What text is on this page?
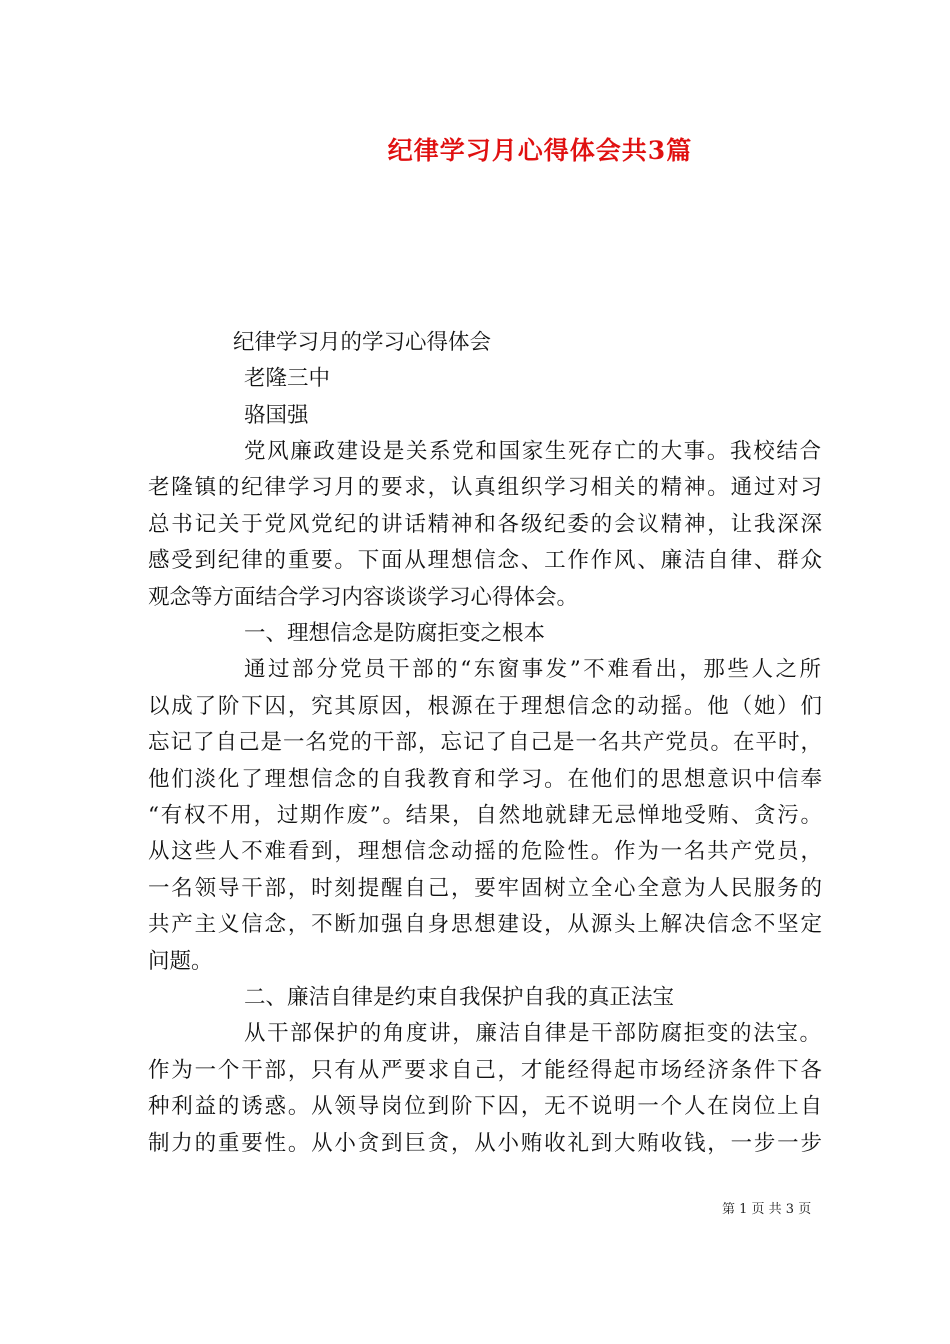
纪律学习月心得体会共3篇
纪律学习月的学习心得体会
老隆三中
骆国强
党风廉政建设是关系党和国家生死存亡的大事。我校结合
老隆镇的纪律学习月的要求，认真组织学习相关的精神。通过对习
总书记关于党风党纪的讲话精神和各级纪委的会议精神，让我深深
感受到纪律的重要。下面从理想信念、工作作风、廉洁自律、群众
观念等方面结合学习内容谈谈学习心得体会。
一、理想信念是防腐拒变之根本
通过部分党员干部的“东窗事发”不难看出，那些人之所
以成了阶下囚，究其原因，根源在于理想信念的动摇。他（她）们
忘记了自己是一名党的干部，忘记了自己是一名共产党员。在平时，
他们淡化了理想信念的自我教育和学习。在他们的思想意识中信奉
“有权不用，过期作废”。结果，自然地就肆无忌惮地受贿、贪污。
从这些人不难看到，理想信念动摇的危险性。作为一名共产党员，
一名领导干部，时刻提醒自己，要牢固树立全心全意为人民服务的
共产主义信念，不断加强自身思想建设，从源头上解决信念不坚定
问题。
二、廉洁自律是约束自我保护自我的真正法宝
从干部保护的角度讲，廉洁自律是干部防腐拒变的法宝。
作为一个干部，只有从严要求自己，才能经得起市场经济条件下各
种利益的诱惑。从领导岗位到阶下囚，无不说明一个人在岗位上自
制力的重要性。从小贪到巨贪，从小贿收礼到大贿收钱，一步一步
第 1 页 共 3 页
